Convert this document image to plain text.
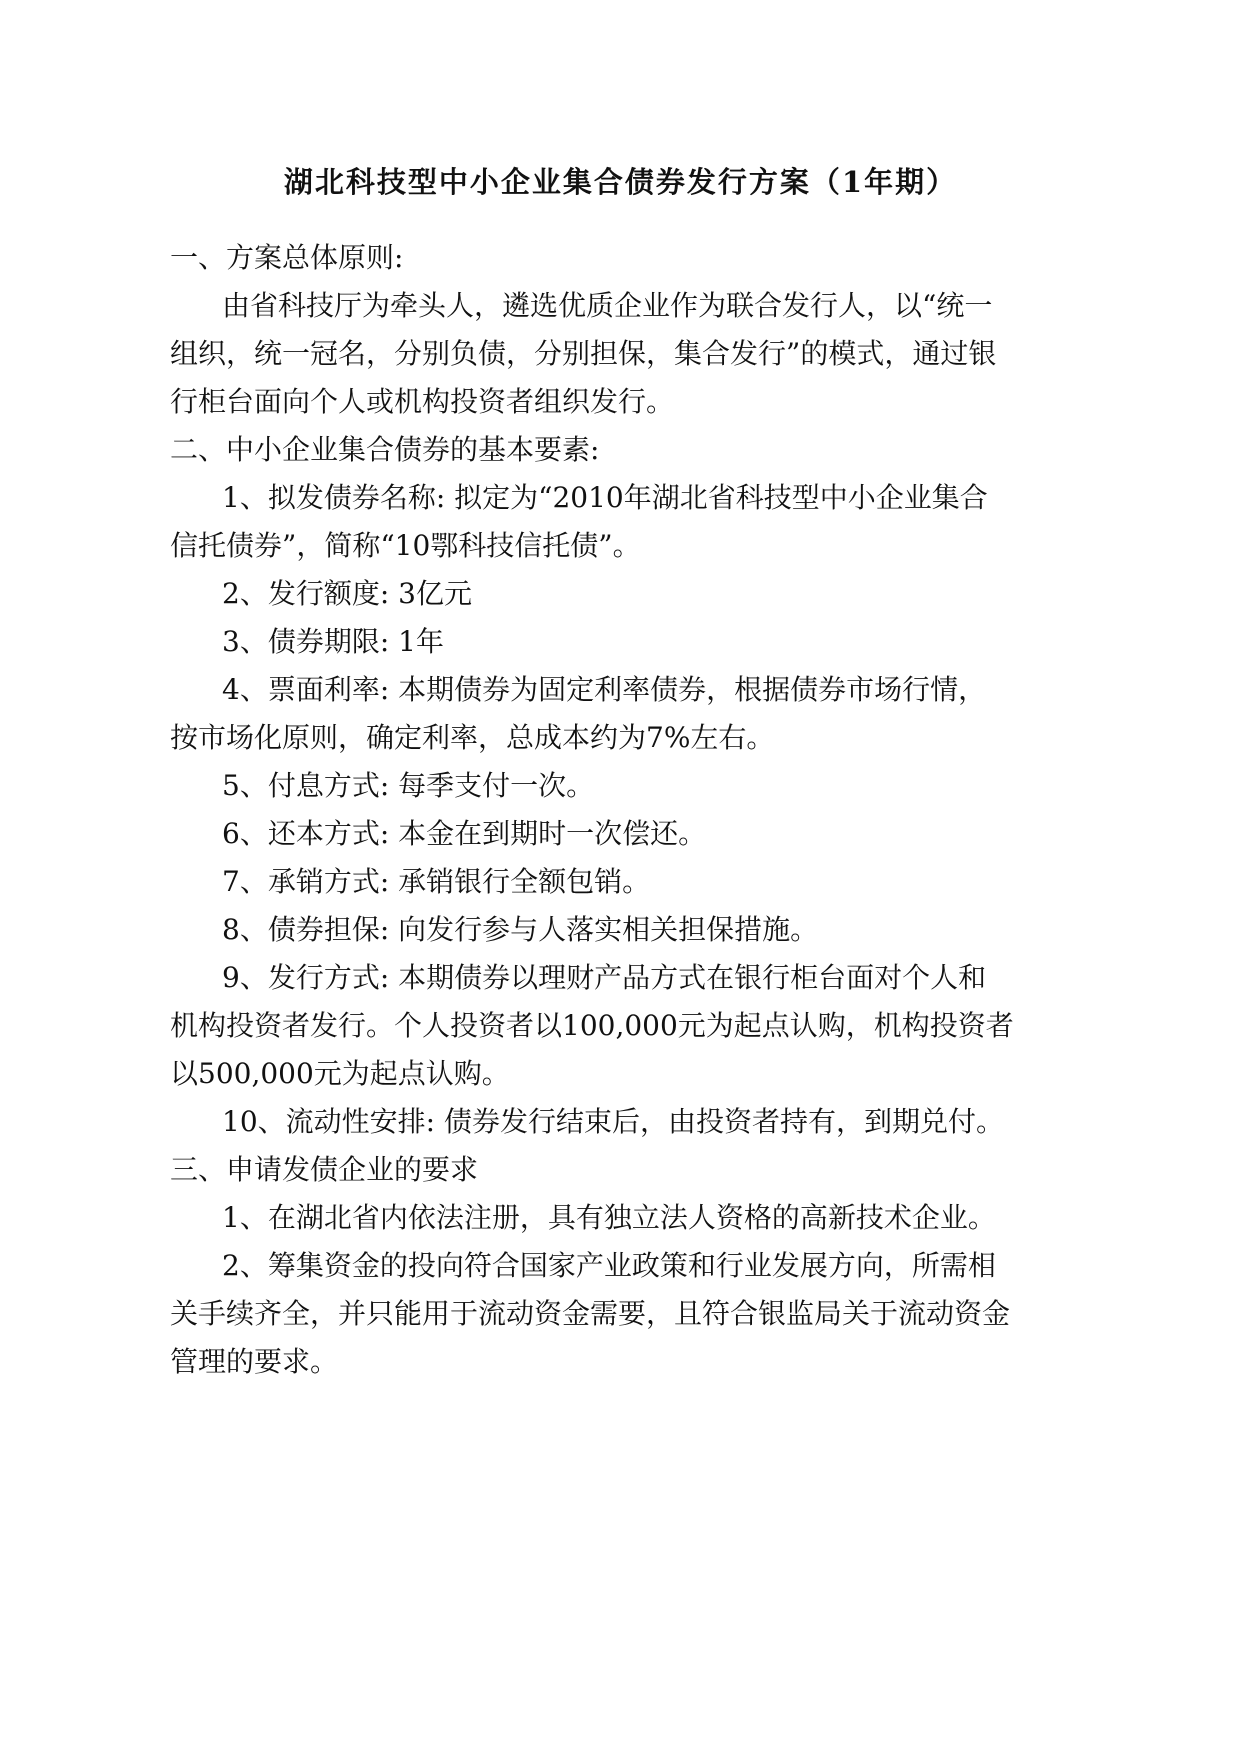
湖北科技型中小企业集合债券发行方案（1年期）
一、方案总体原则:
由省科技厅为牵头人，遴选优质企业作为联合发行人，以“统一
组织，统一冠名，分别负债，分别担保，集合发行”的模式，通过银
行柜台面向个人或机构投资者组织发行。
二、中小企业集合债券的基本要素:
1、拟发债券名称: 拟定为“2010年湖北省科技型中小企业集合
信托债券”，简称“10鄂科技信托债”。
2、发行额度: 3亿元
3、债券期限: 1年
4、票面利率: 本期债券为固定利率债券，根据债券市场行情，
按市场化原则，确定利率，总成本约为7%左右。
5、付息方式: 每季支付一次。
6、还本方式: 本金在到期时一次偿还。
7、承销方式: 承销银行全额包销。
8、债券担保: 向发行参与人落实相关担保措施。
9、发行方式: 本期债券以理财产品方式在银行柜台面对个人和
机构投资者发行。个人投资者以100,000元为起点认购，机构投资者
以500,000元为起点认购。
10、流动性安排: 债券发行结束后，由投资者持有，到期兑付。
三、申请发债企业的要求
1、在湖北省内依法注册，具有独立法人资格的高新技术企业。
2、筹集资金的投向符合国家产业政策和行业发展方向，所需相
关手续齐全，并只能用于流动资金需要，且符合银监局关于流动资金
管理的要求。
